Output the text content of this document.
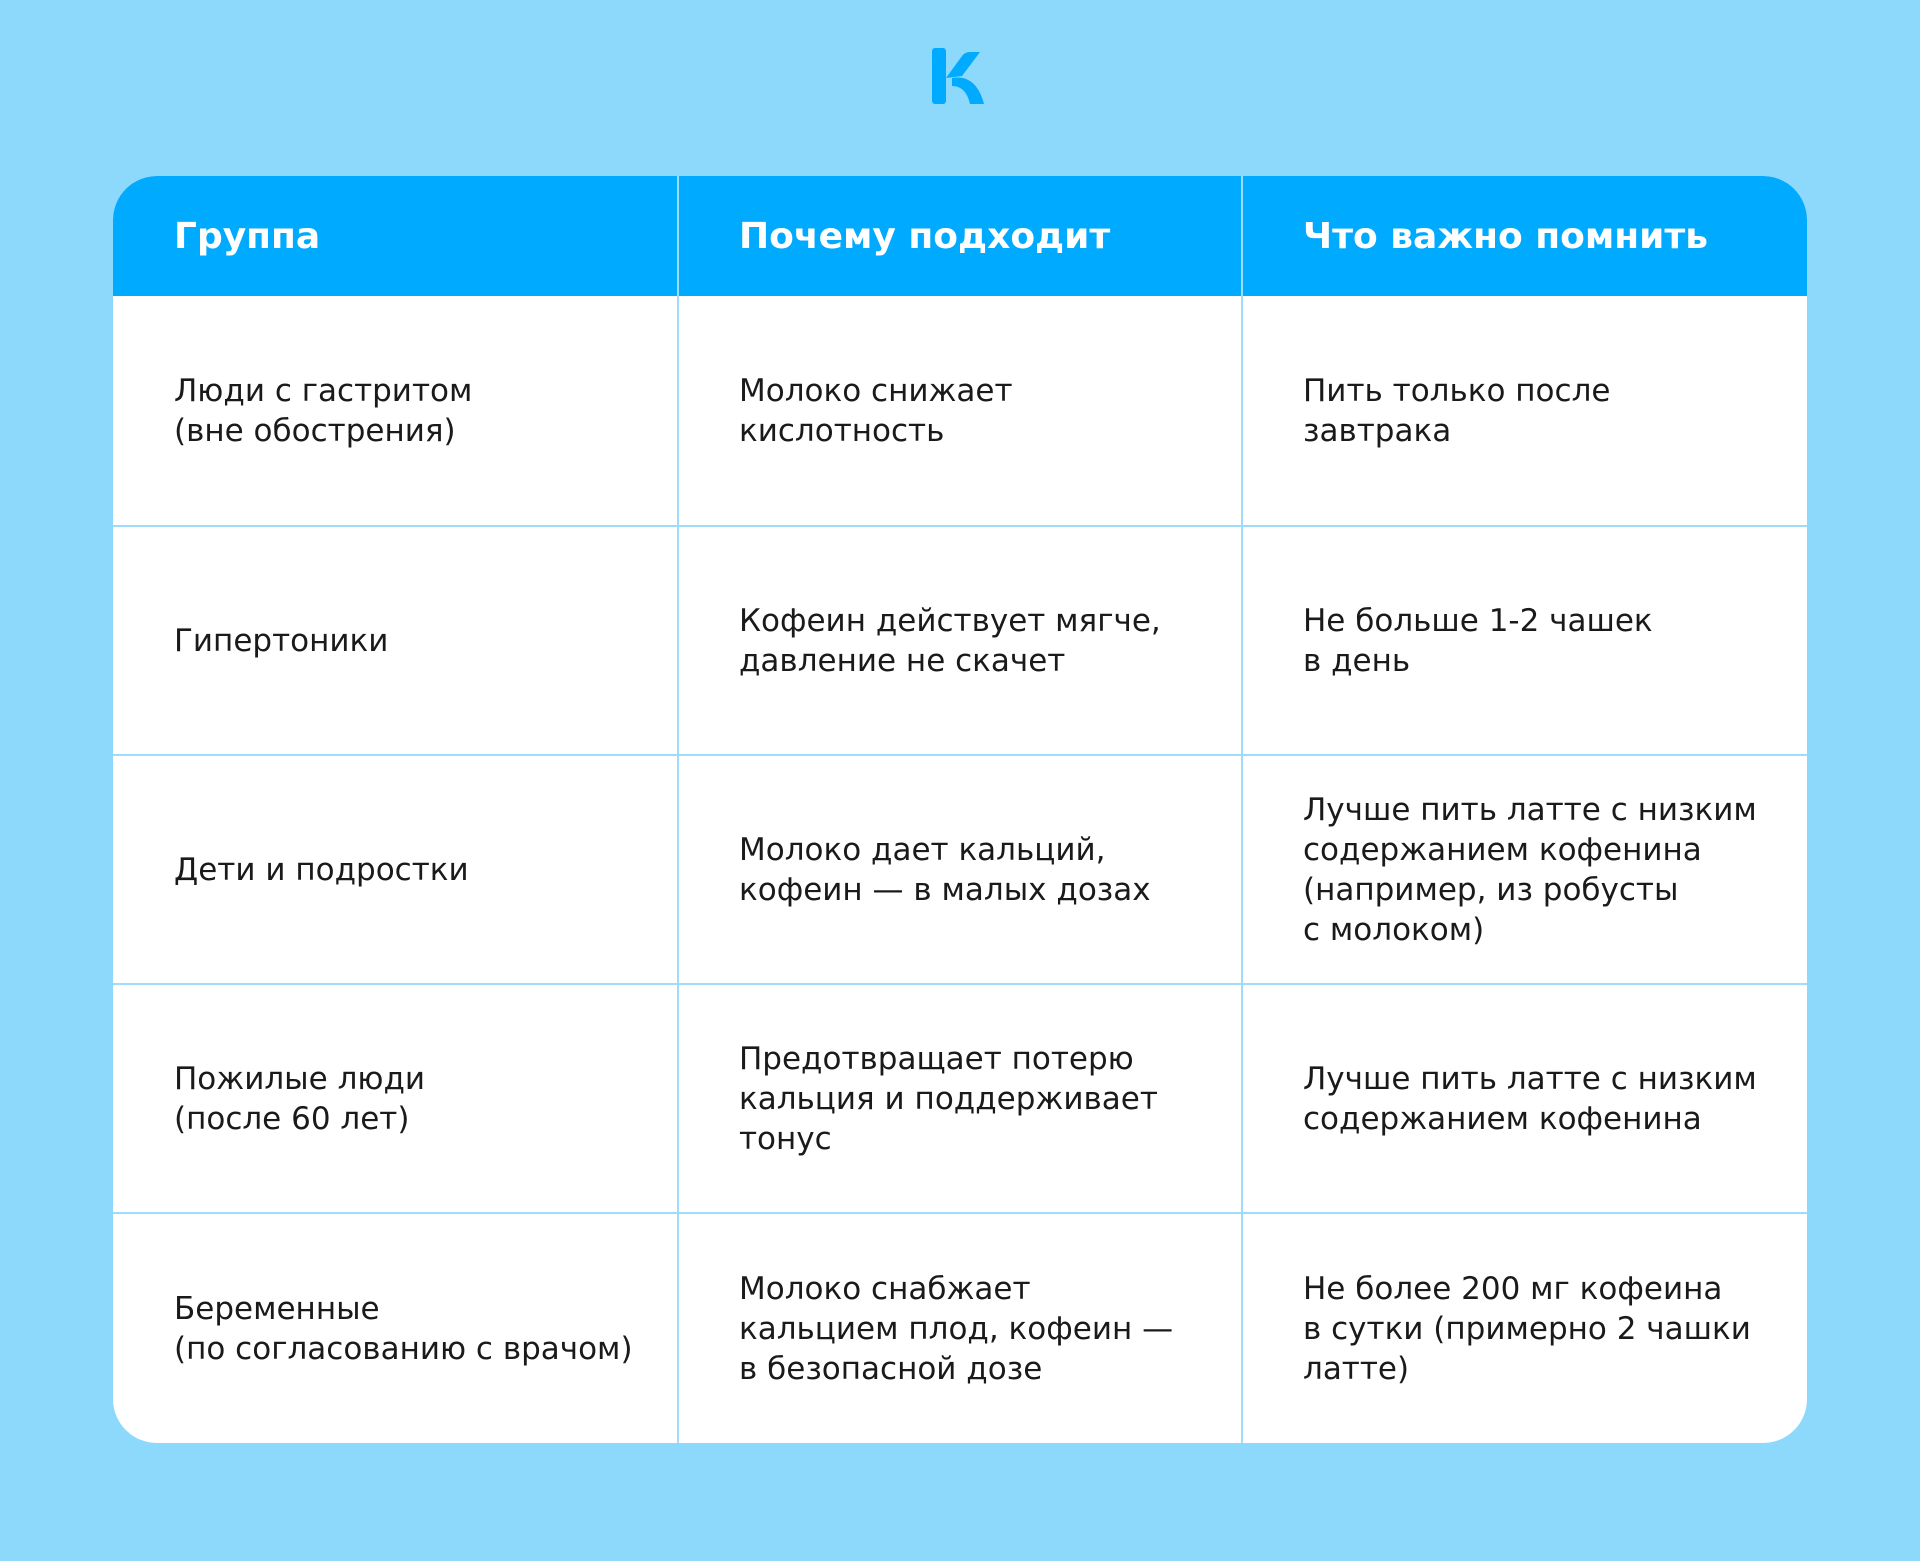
Группа	Почему подходит	Что важно помнить
Люди с гастритом
(вне обострения)
Молоко снижает
кислотность
Пить только после
завтрака
Гипертоники
Кофеин действует мягче,
давление не скачет
Не больше 1-2 чашек
в день
Дети и подростки
Молоко дает кальций,
кофеин — в малых дозах
Лучше пить латте с низким
содержанием кофенина
(например, из робусты
с молоком)
Пожилые люди
(после 60 лет)
Предотвращает потерю
кальция и поддерживает
тонус
Лучше пить латте с низким
содержанием кофенина
Беременные
(по согласованию с врачом)
Молоко снабжает
кальцием плод, кофеин —
в безопасной дозе
Не более 200 мг кофеина
в сутки (примерно 2 чашки
латте)
